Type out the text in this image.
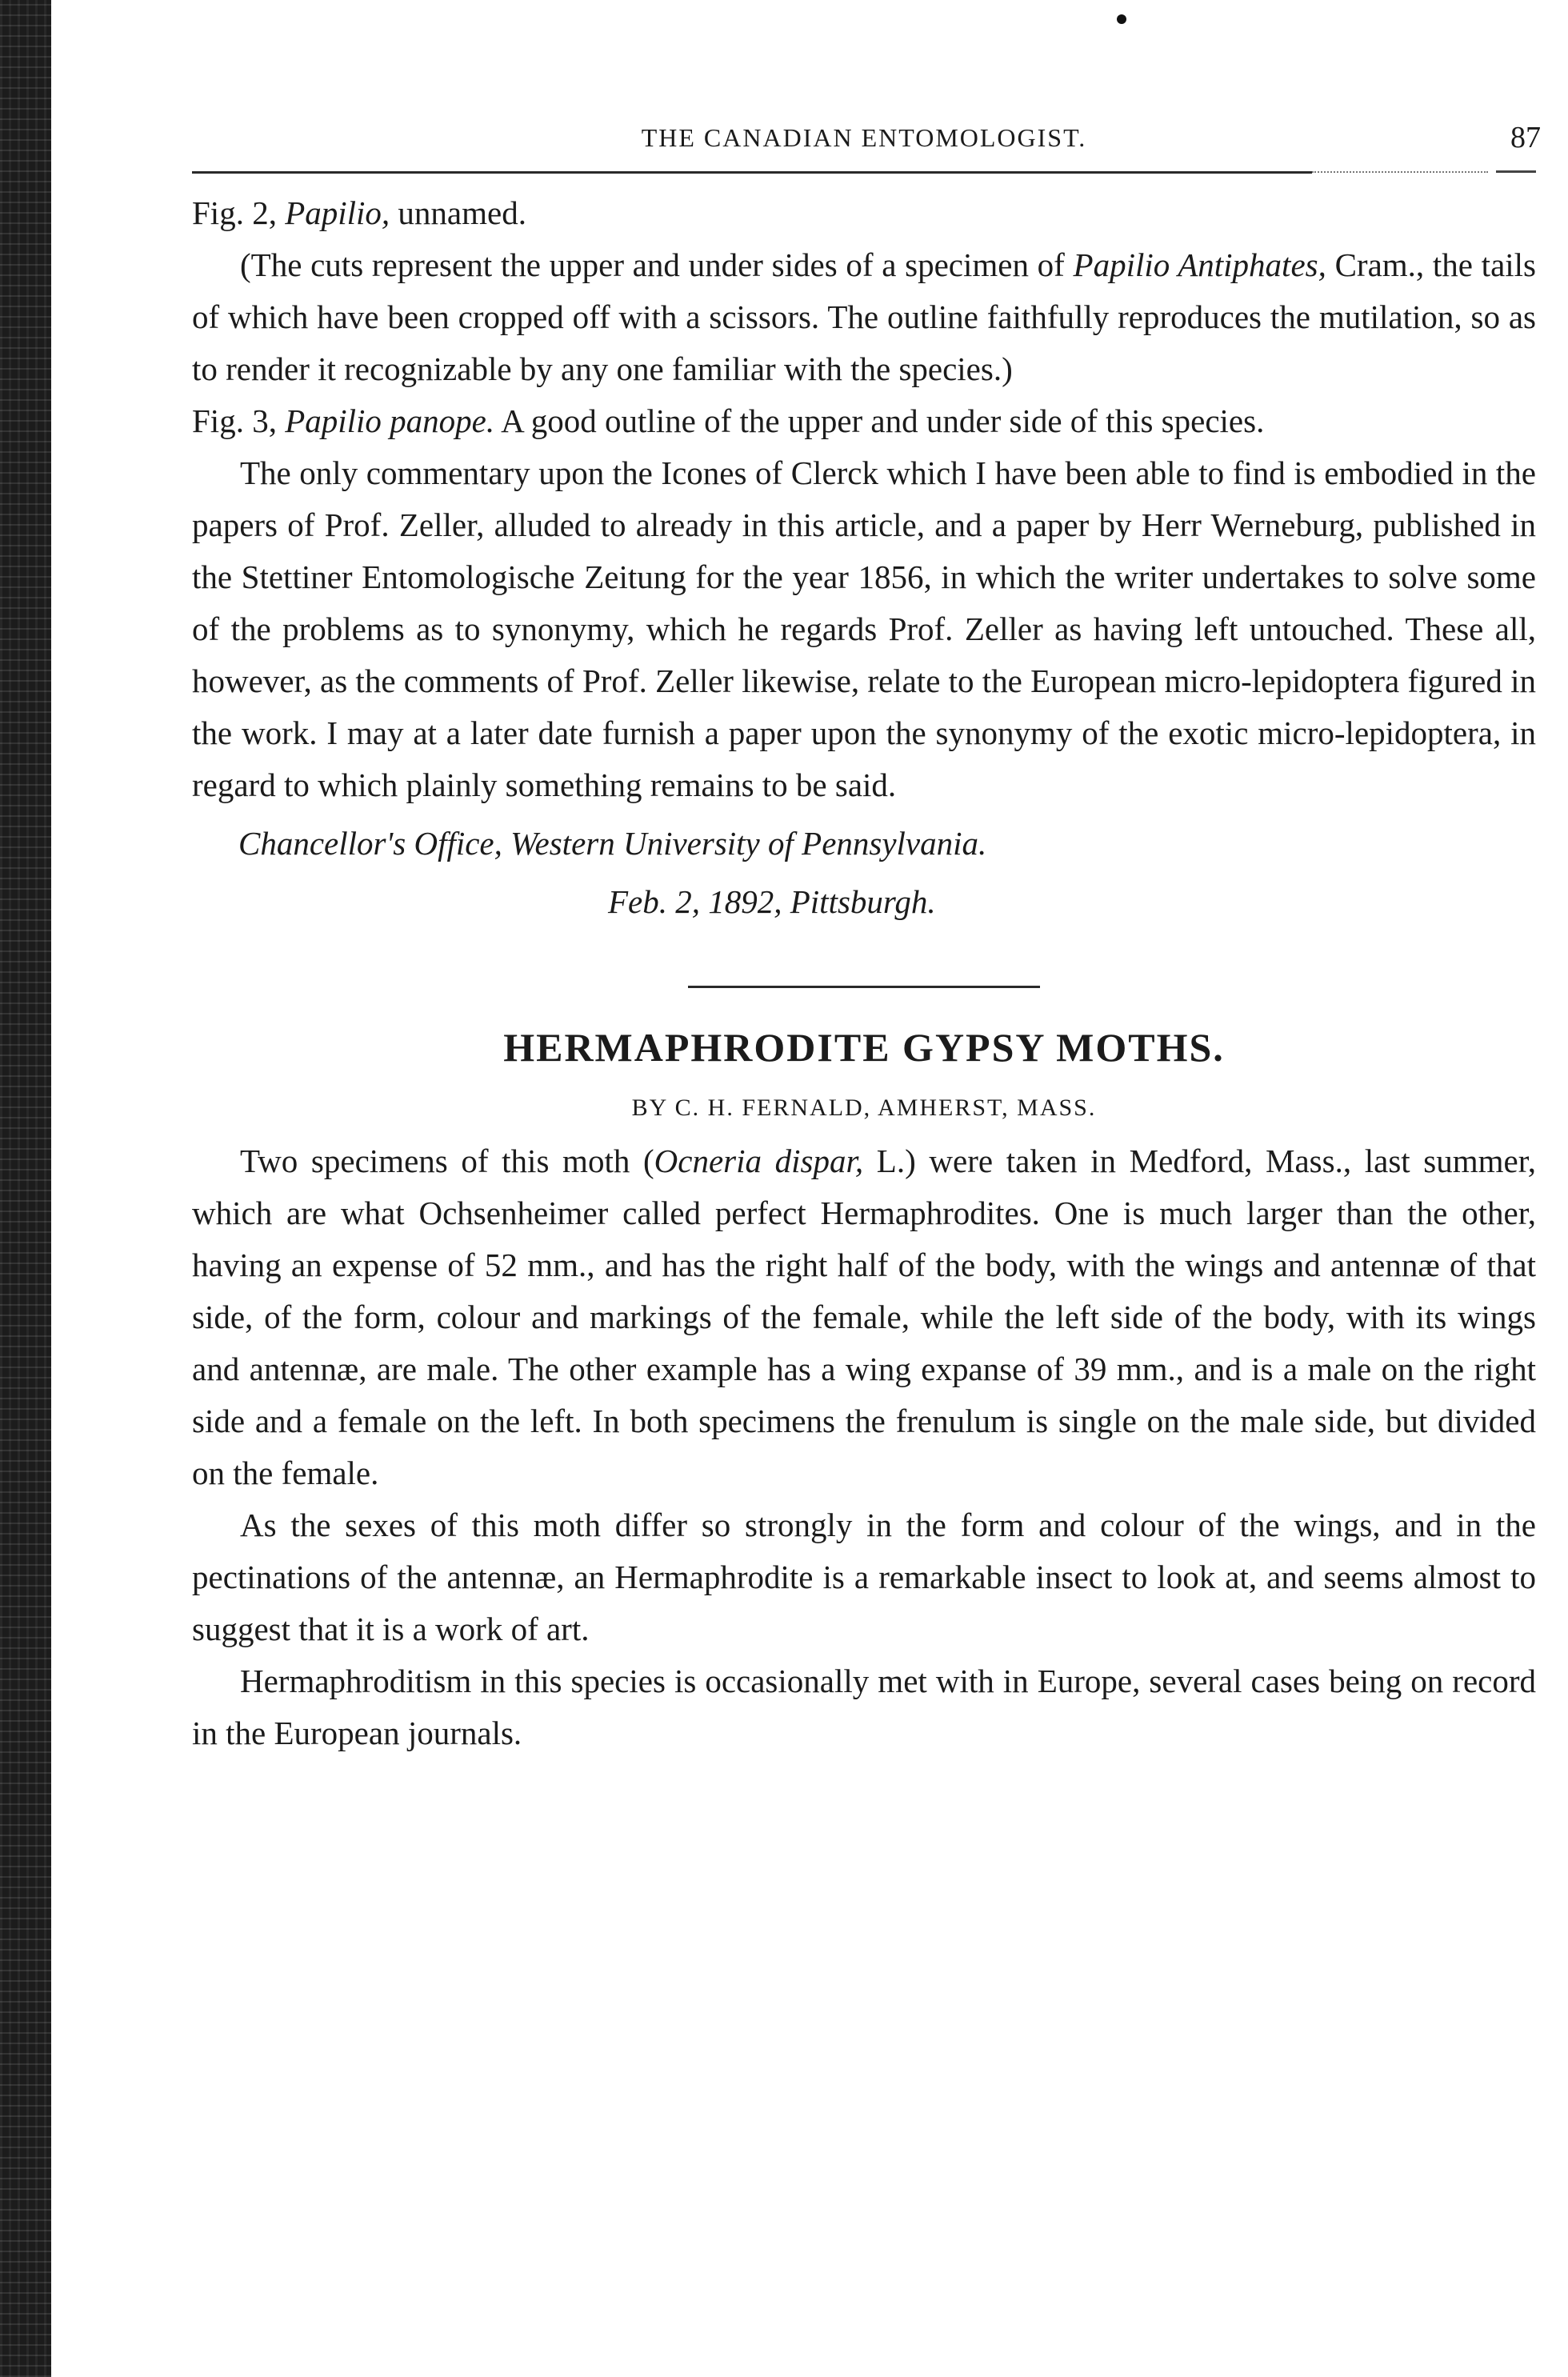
THE CANADIAN ENTOMOLOGIST.	87

Fig. 2, Papilio, unnamed.

(The cuts represent the upper and under sides of a specimen of Papilio Antiphates, Cram., the tails of which have been cropped off with a scissors. The outline faithfully reproduces the mutilation, so as to render it recognizable by any one familiar with the species.)

Fig. 3, Papilio panope. A good outline of the upper and under side of this species.

The only commentary upon the Icones of Clerck which I have been able to find is embodied in the papers of Prof. Zeller, alluded to already in this article, and a paper by Herr Werneburg, published in the Stettiner Entomologische Zeitung for the year 1856, in which the writer undertakes to solve some of the problems as to synonymy, which he regards Prof. Zeller as having left untouched. These all, however, as the comments of Prof. Zeller likewise, relate to the European micro-lepidoptera figured in the work. I may at a later date furnish a paper upon the synonymy of the exotic micro-lepidoptera, in regard to which plainly something remains to be said.

Chancellor's Office, Western University of Pennsylvania.

Feb. 2, 1892, Pittsburgh.

HERMAPHRODITE GYPSY MOTHS.

BY C. H. FERNALD, AMHERST, MASS.

Two specimens of this moth (Ocneria dispar, L.) were taken in Medford, Mass., last summer, which are what Ochsenheimer called perfect Hermaphrodites. One is much larger than the other, having an expense of 52 mm., and has the right half of the body, with the wings and antennæ of that side, of the form, colour and markings of the female, while the left side of the body, with its wings and antennæ, are male. The other example has a wing expanse of 39 mm., and is a male on the right side and a female on the left. In both specimens the frenulum is single on the male side, but divided on the female.

As the sexes of this moth differ so strongly in the form and colour of the wings, and in the pectinations of the antennæ, an Hermaphrodite is a remarkable insect to look at, and seems almost to suggest that it is a work of art.

Hermaphroditism in this species is occasionally met with in Europe, several cases being on record in the European journals.
